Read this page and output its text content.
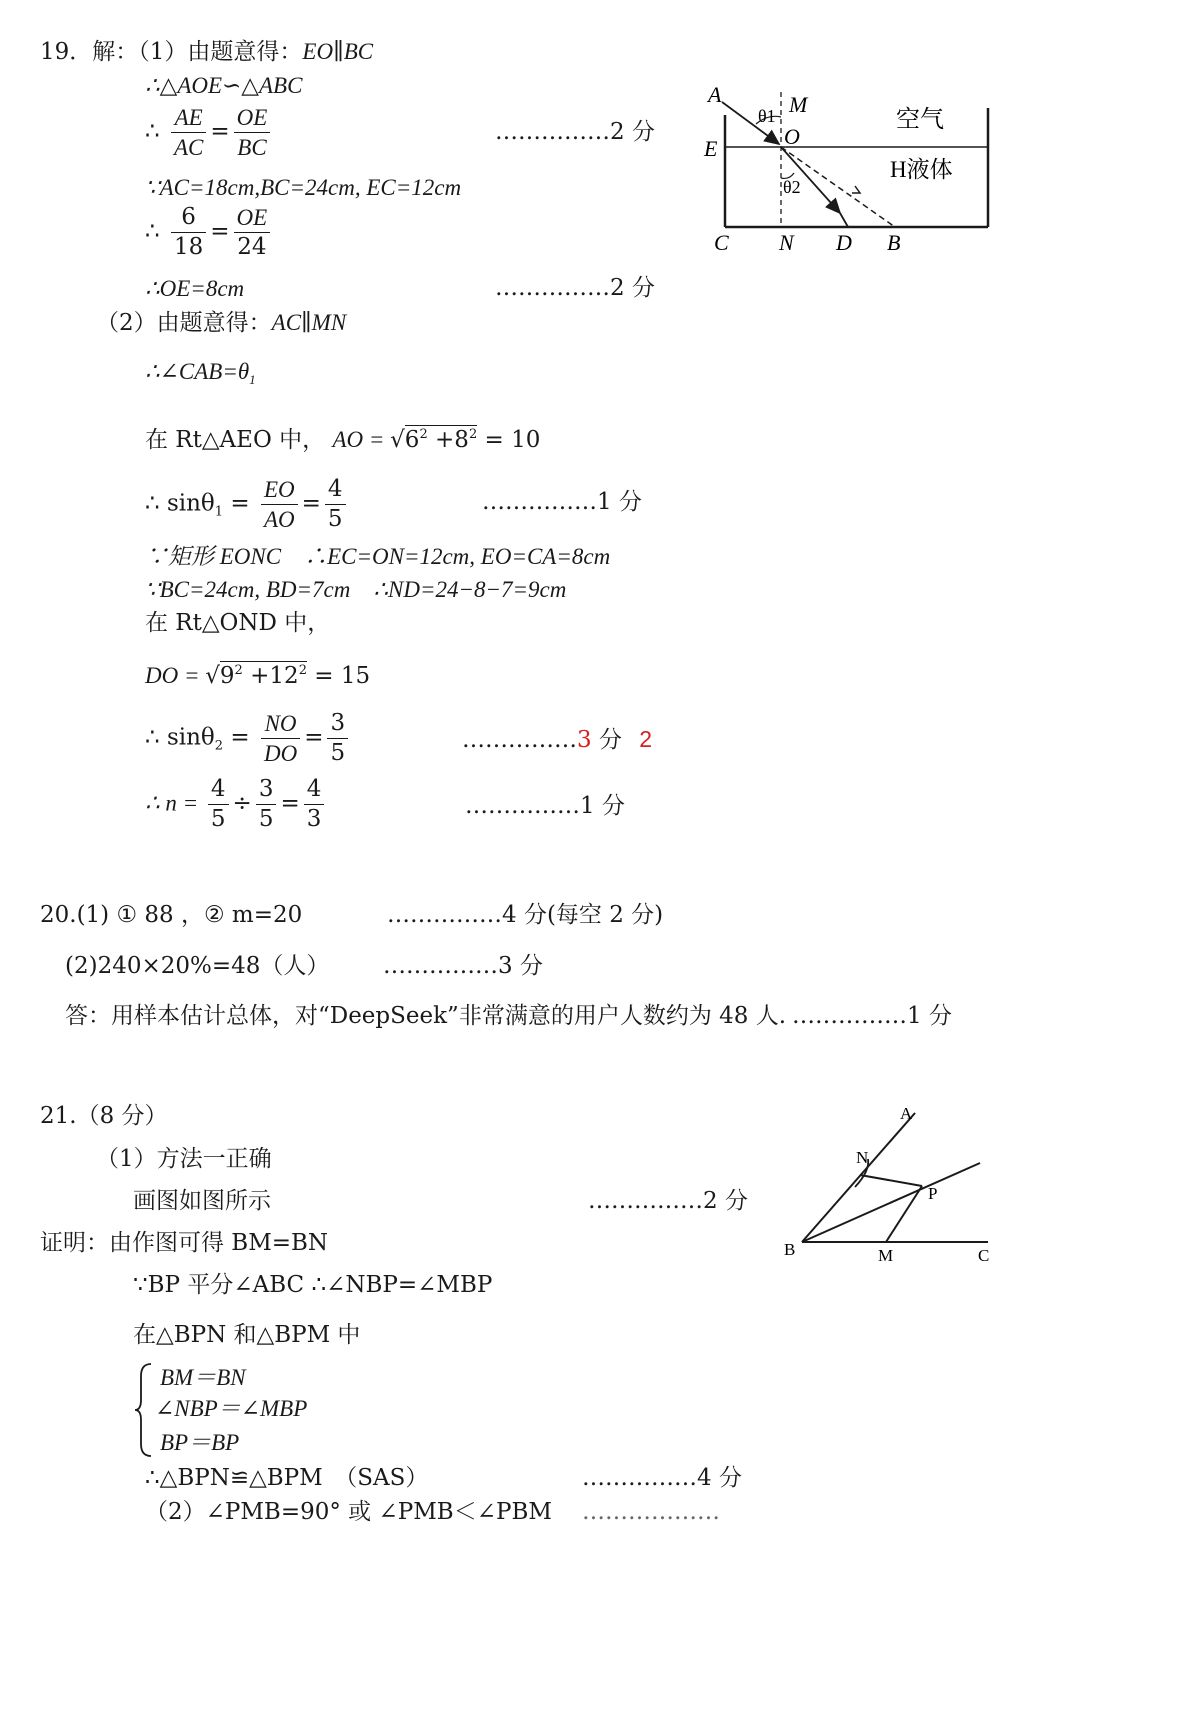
19．解：（1）由题意得：EO∥BC
∴△AOE∽△ABC
∴ $\frac{AE}{AC} = \frac{OE}{BC}$	……………2 分
∵AC=18cm,BC=24cm, EC=12cm
∴ $\frac{6}{18} = \frac{OE}{24}$
∴OE=8cm	……………2 分
（2）由题意得：AC∥MN
$\therefore\angle CAB=\theta_1$
在 Rt△AEO 中， AO = $√6^2 +8^2 = 10$
∴ $\sin\theta_1 = \frac{EO}{AO} = \frac{4}{5}$	……………1 分
∵矩形 EONC　∴EC=ON=12cm, EO=CA=8cm
∵BC=24cm, BD=7cm　∴ND=24−8−7=9cm
在 Rt△OND 中，
DO = $√9^2 +12^2 = 15$
∴ $\sin\theta_2 = \frac{NO}{DO} = \frac{3}{5}$	……………3 分 2
∴ $n = \frac{4}{5} \div \frac{3}{5} = \frac{4}{3}$	……………1 分
A	M
θ1
O
E
空气
H液体
θ2
C N D B
20.(1) ① 88 ，② m=20	……………4 分(每空 2 分)
(2)240×20%=48（人） ……………3 分
答：用样本估计总体，对“DeepSeek”非常满意的用户人数约为 48 人. ……………1 分
21.（8 分）
（1）方法一正确
画图如图所示	……………2 分
证明：由作图可得 BM=BN
∵BP 平分∠ABC ∴∠NBP=∠MBP
在△BPN 和△BPM 中
BM＝BN
∠NBP＝∠MBP
BP＝BP
∴△BPN≌△BPM　（SAS）	……………4 分
（2）∠PMB=90° 或 ∠PMB＜∠PBM ………………
A
N
P
B	M	C
